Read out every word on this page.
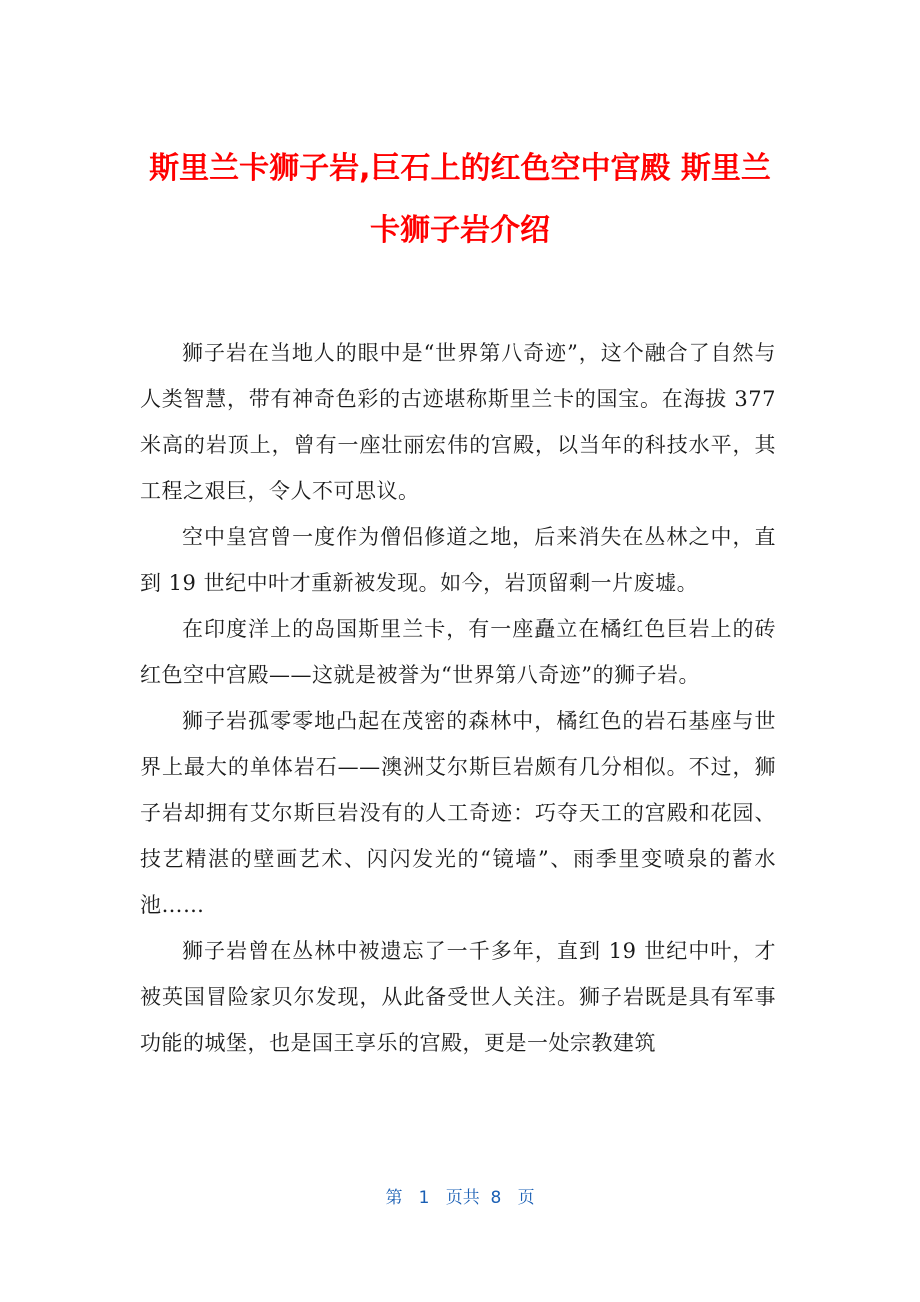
斯里兰卡狮子岩,巨石上的红色空中宫殿 斯里兰卡狮子岩介绍

狮子岩在当地人的眼中是“世界第八奇迹”，这个融合了自然与人类智慧，带有神奇色彩的古迹堪称斯里兰卡的国宝。在海拔 377 米高的岩顶上，曾有一座壮丽宏伟的宫殿，以当年的科技水平，其工程之艰巨，令人不可思议。

空中皇宫曾一度作为僧侣修道之地，后来消失在丛林之中，直到 19 世纪中叶才重新被发现。如今，岩顶留剩一片废墟。

在印度洋上的岛国斯里兰卡，有一座矗立在橘红色巨岩上的砖红色空中宫殿——这就是被誉为“世界第八奇迹”的狮子岩。

狮子岩孤零零地凸起在茂密的森林中，橘红色的岩石基座与世界上最大的单体岩石——澳洲艾尔斯巨岩颇有几分相似。不过，狮子岩却拥有艾尔斯巨岩没有的人工奇迹：巧夺天工的宫殿和花园、技艺精湛的壁画艺术、闪闪发光的“镜墙”、雨季里变喷泉的蓄水池……

狮子岩曾在丛林中被遗忘了一千多年，直到 19 世纪中叶，才被英国冒险家贝尔发现，从此备受世人关注。狮子岩既是具有军事功能的城堡，也是国王享乐的宫殿，更是一处宗教建筑

第 1 页共 8 页
